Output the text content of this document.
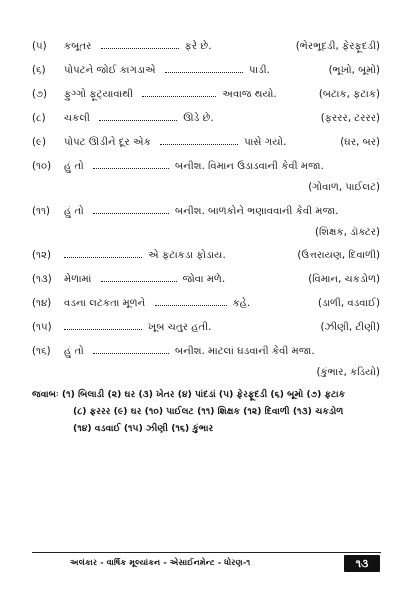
(૫) કબૂતર	ફરે છે.	(ભેરભૂદડી, ફેરફૂદડી)
(૬) પોપટને જોઈ કાગડાએ	પાડી.	(ભૂખો, બૂમો)
(૭) ફુગ્ગો ફૂટ્યાવાથી	અવાજ થયો.	(બટાક, ફટાક)
(૮) ચકલી	ઊડે છે.	(ફરરર, ટરરર)
(૯) પોપટ ઊડીને દૂર એક	પાસે ગયો.	(ઘર, બર)
(૧૦) હું તો	બનીશ. વિમાન ઉડાડવાની કેવી મજા.
(ગોવાળ, પાઈલટ)
(૧૧) હું તો	બનીશ. બાળકોને ભણાવવાની કેવી મજા.
(શિક્ષક, ડૉક્ટર)
(૧૨)	એ ફટાકડા ફોડાય.	(ઉત્તરાયણ, દિવાળી)
(૧૩) મેળામાં	જોવા મળે.	(વિમાન, ચકડોળ)
(૧૪) વડના લટકતા મૂળને	કહે.	(ડાળી, વડવાઈ)
(૧૫)	ખૂબ ચતુર હતી.	(ઝીણી, ટીણી)
(૧૬) હું તો	બનીશ. માટલાં ઘડવાની કેવી મજા.
(કુંભાર, કડિયો)
જવાબઃ (૧) બિલાડી (૨) ઘર (૩) ખેતર (૪) પાંદડાં (૫) ફેરફૂદડી (૬) બૂમો (૭) ફટાક
(૮) ફરરર (૯) ઘર (૧૦) પાઈલટ (૧૧) શિક્ષક (૧૨) દિવાળી (૧૩) ચકડોળ
(૧૪) વડવાઈ (૧૫) ઝીણી (૧૬) કુંભાર
અલંકાર - વાર્ષિક મૂલ્યાંકન - એસાઈનમેન્ટ - ધોરણ-૧	૧૩
